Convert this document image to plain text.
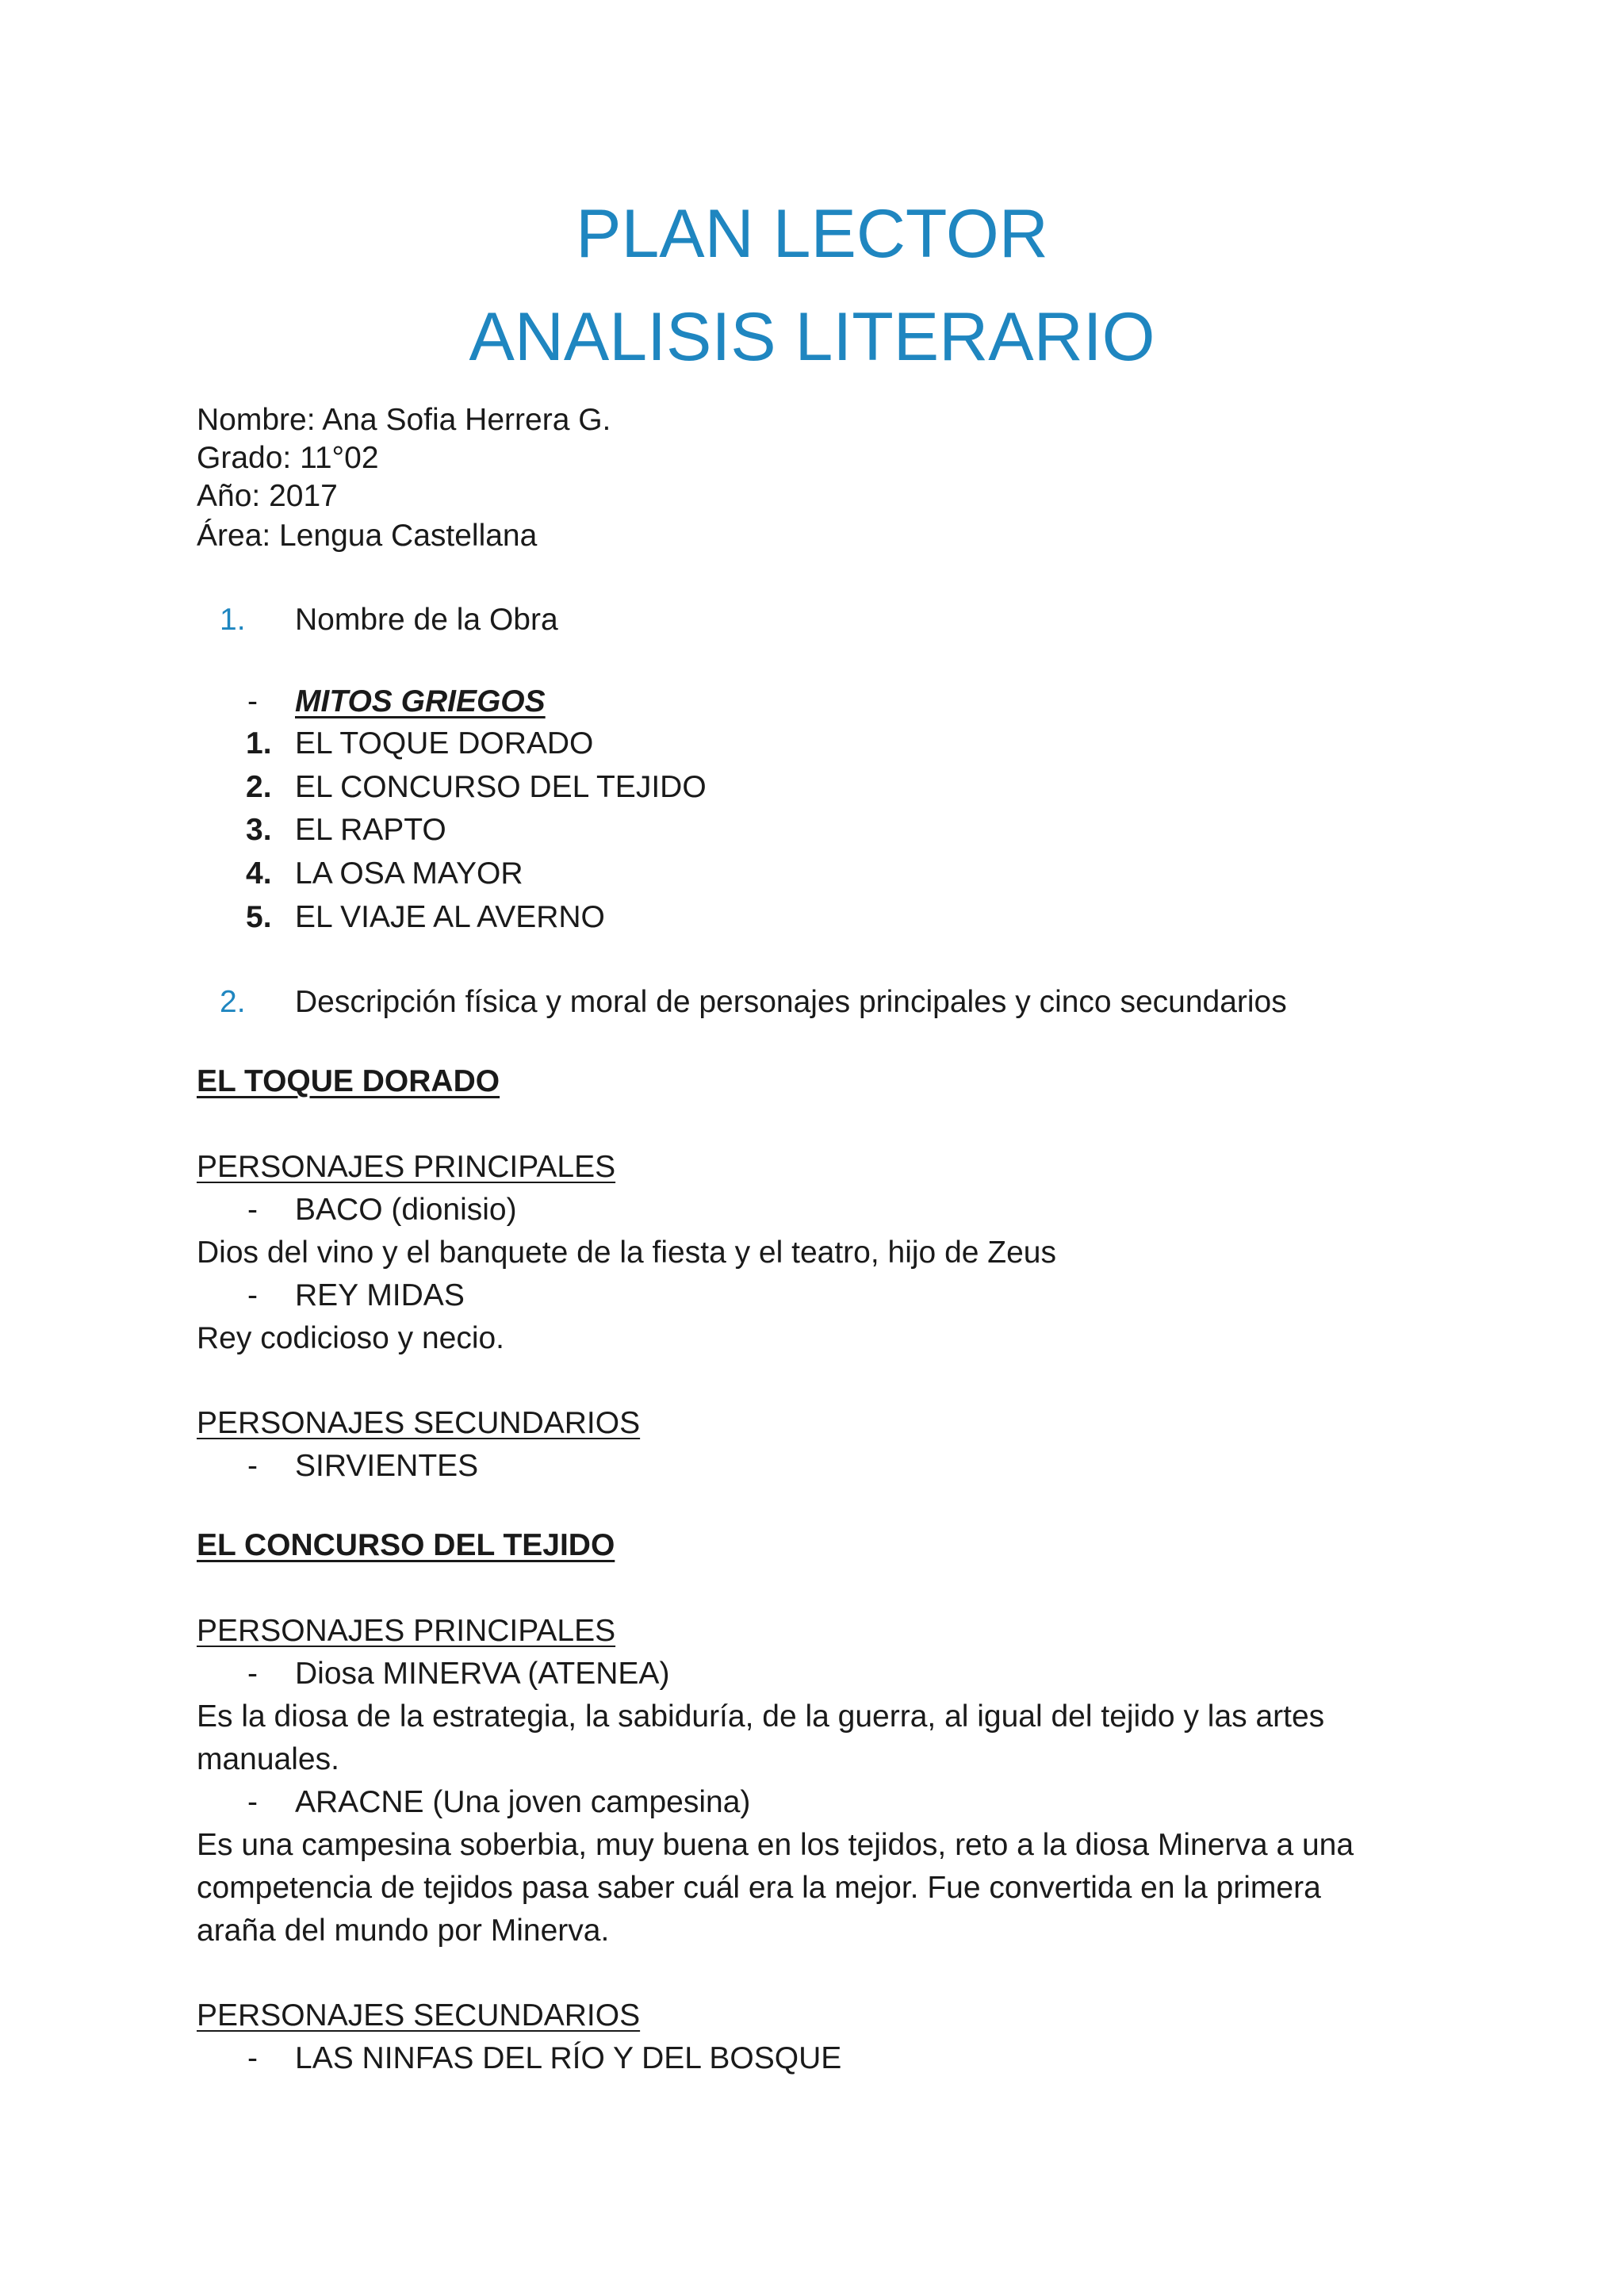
PLAN LECTOR
ANALISIS LITERARIO
Nombre: Ana Sofia Herrera G.
Grado: 11°02
Año: 2017
Área: Lengua Castellana
1. Nombre de la Obra
- MITOS GRIEGOS
1. EL TOQUE DORADO
2. EL CONCURSO DEL TEJIDO
3. EL RAPTO
4. LA OSA MAYOR
5. EL VIAJE AL AVERNO
2. Descripción física y moral de personajes principales y cinco secundarios
EL TOQUE DORADO
PERSONAJES PRINCIPALES
- BACO (dionisio)
Dios del vino y el banquete de la fiesta y el teatro, hijo de Zeus
- REY MIDAS
Rey codicioso y necio.
PERSONAJES SECUNDARIOS
- SIRVIENTES
EL CONCURSO DEL TEJIDO
PERSONAJES PRINCIPALES
- Diosa MINERVA (ATENEA)
Es la diosa de la estrategia, la sabiduría, de la guerra, al igual del tejido y las artes
manuales.
- ARACNE (Una joven campesina)
Es una campesina soberbia, muy buena en los tejidos, reto a la diosa Minerva a una
competencia de tejidos pasa saber cuál era la mejor. Fue convertida en la primera
araña del mundo por Minerva.
PERSONAJES SECUNDARIOS
- LAS NINFAS DEL RÍO Y DEL BOSQUE
